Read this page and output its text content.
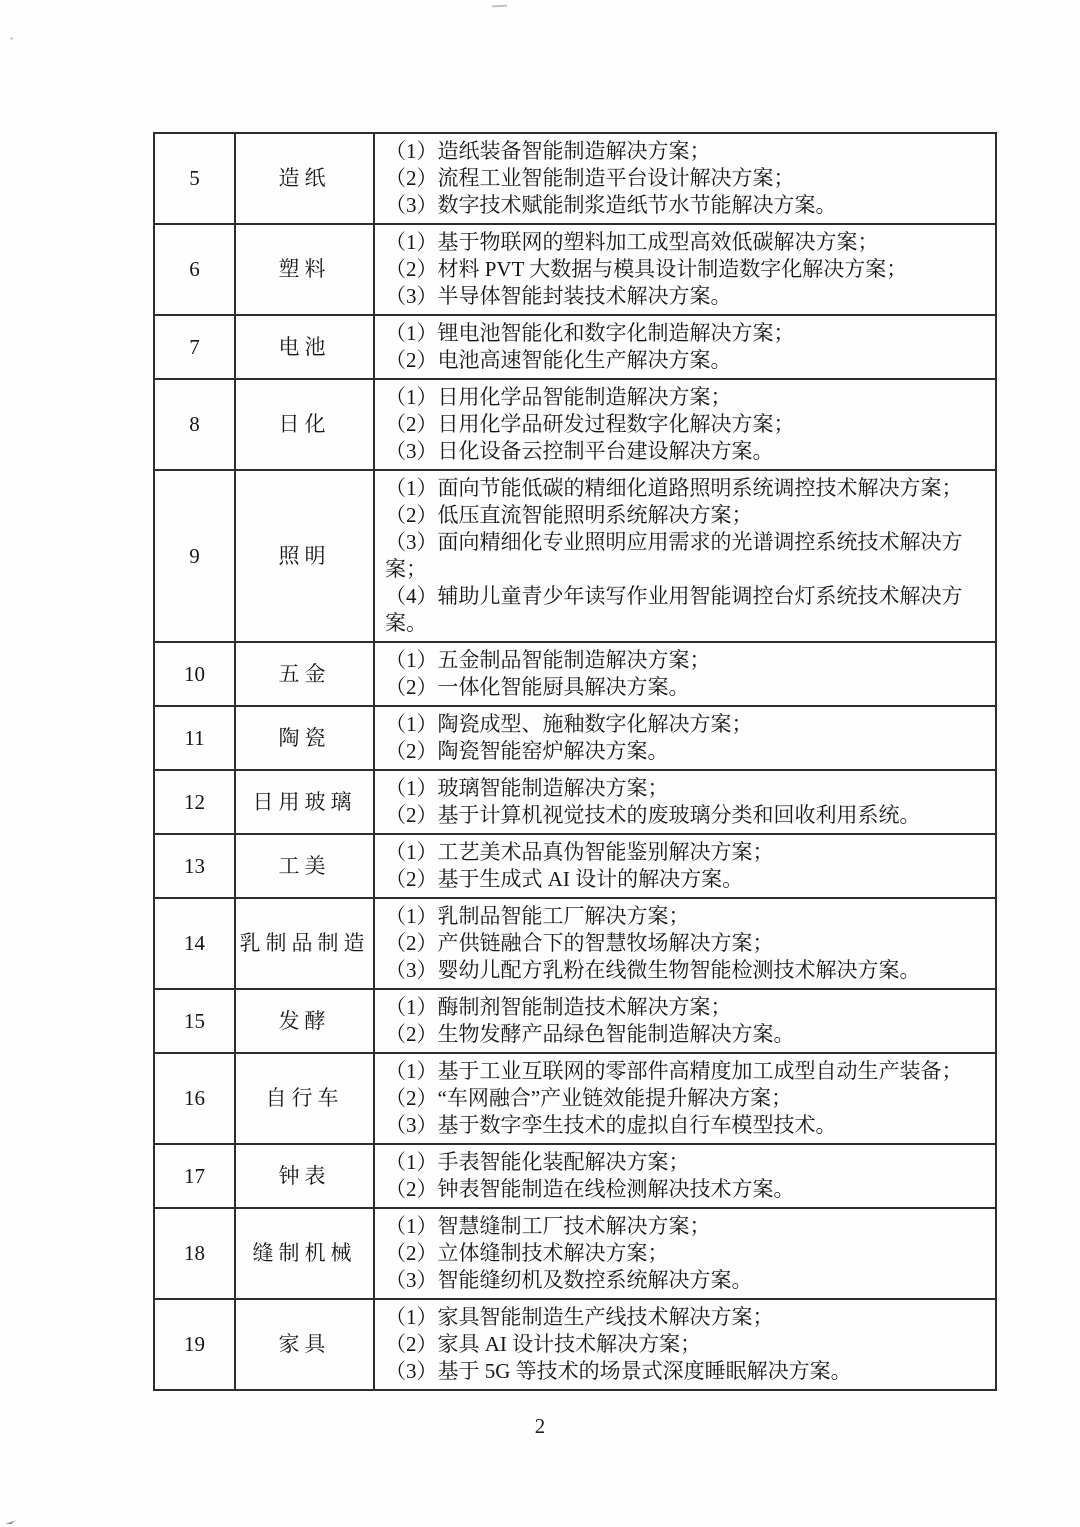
5	造纸	（1）造纸装备智能制造解决方案；
（2）流程工业智能制造平台设计解决方案；
（3）数字技术赋能制浆造纸节水节能解决方案。

6	塑料	（1）基于物联网的塑料加工成型高效低碳解决方案；
（2）材料 PVT 大数据与模具设计制造数字化解决方案；
（3）半导体智能封装技术解决方案。

7	电池	（1）锂电池智能化和数字化制造解决方案；
（2）电池高速智能化生产解决方案。

8	日化	（1）日用化学品智能制造解决方案；
（2）日用化学品研发过程数字化解决方案；
（3）日化设备云控制平台建设解决方案。

9	照明	（1）面向节能低碳的精细化道路照明系统调控技术解决方案；
（2）低压直流智能照明系统解决方案；
（3）面向精细化专业照明应用需求的光谱调控系统技术解决方案；
（4）辅助儿童青少年读写作业用智能调控台灯系统技术解决方案。

10	五金	（1）五金制品智能制造解决方案；
（2）一体化智能厨具解决方案。

11	陶瓷	（1）陶瓷成型、施釉数字化解决方案；
（2）陶瓷智能窑炉解决方案。

12	日用玻璃	（1）玻璃智能制造解决方案；
（2）基于计算机视觉技术的废玻璃分类和回收利用系统。

13	工美	（1）工艺美术品真伪智能鉴别解决方案；
（2）基于生成式 AI 设计的解决方案。

14	乳制品制造	（1）乳制品智能工厂解决方案；
（2）产供链融合下的智慧牧场解决方案；
（3）婴幼儿配方乳粉在线微生物智能检测技术解决方案。

15	发酵	（1）酶制剂智能制造技术解决方案；
（2）生物发酵产品绿色智能制造解决方案。

16	自行车	（1）基于工业互联网的零部件高精度加工成型自动生产装备；
（2）“车网融合”产业链效能提升解决方案；
（3）基于数字孪生技术的虚拟自行车模型技术。

17	钟表	（1）手表智能化装配解决方案；
（2）钟表智能制造在线检测解决技术方案。

18	缝制机械	（1）智慧缝制工厂技术解决方案；
（2）立体缝制技术解决方案；
（3）智能缝纫机及数控系统解决方案。

19	家具	（1）家具智能制造生产线技术解决方案；
（2）家具 AI 设计技术解决方案；
（3）基于 5G 等技术的场景式深度睡眠解决方案。
2
